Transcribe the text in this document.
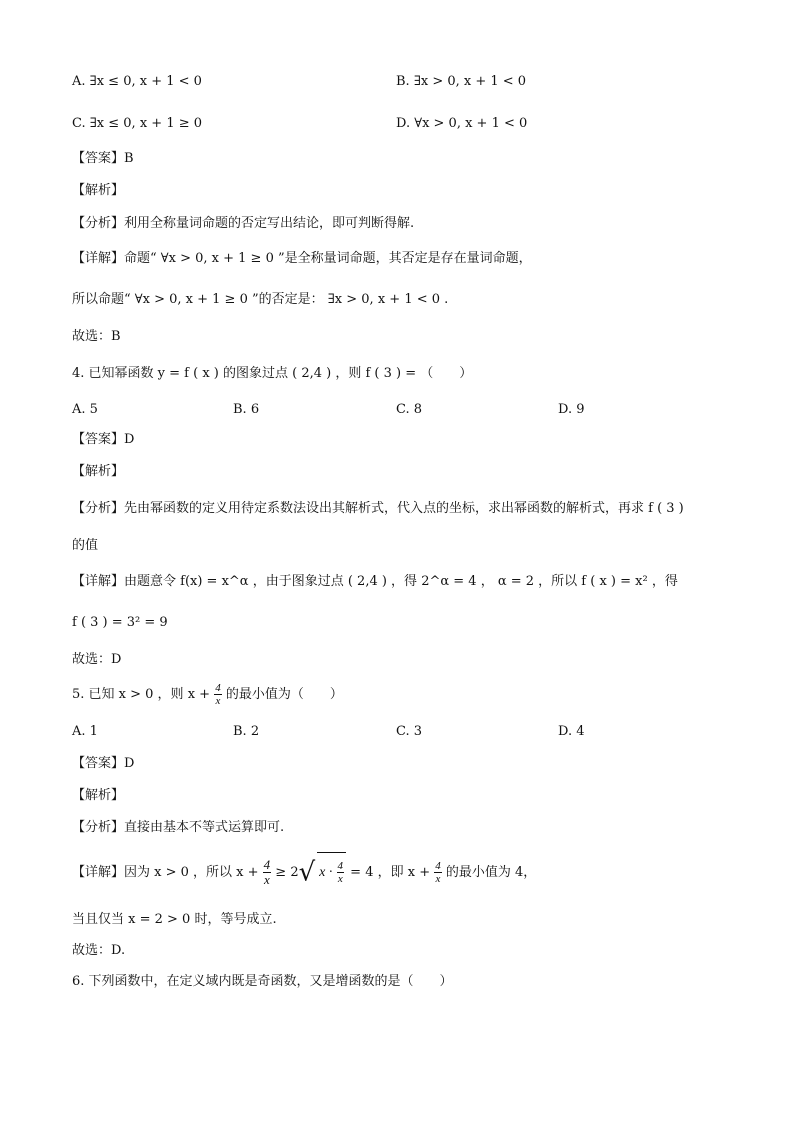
A. ∃x ≤ 0, x + 1 < 0	B. ∃x > 0, x + 1 < 0
C. ∃x ≤ 0, x + 1 ≥ 0	D. ∀x > 0, x + 1 < 0
【答案】B
【解析】
【分析】利用全称量词命题的否定写出结论，即可判断得解.
【详解】命题“ ∀x > 0, x + 1 ≥ 0 ”是全称量词命题，其否定是存在量词命题，
所以命题“ ∀x > 0, x + 1 ≥ 0 ”的否定是： ∃x > 0, x + 1 < 0 .
故选：B
4. 已知幂函数 y = f ( x ) 的图象过点 ( 2,4 ) ，则 f ( 3 ) = （　　）
A. 5	B. 6	C. 8	D. 9
【答案】D
【解析】
【分析】先由幂函数的定义用待定系数法设出其解析式，代入点的坐标，求出幂函数的解析式，再求 f ( 3 )
的值
【详解】由题意令 f(x) = x^α ，由于图象过点 ( 2,4 ) ，得 2^α = 4 ， α = 2 ，所以 f ( x ) = x² ，得
f ( 3 ) = 3² = 9
故选：D
5. 已知 x > 0 ，则 $x + \frac{4}{x}$ 的最小值为（　　）
A. 1	B. 2	C. 3	D. 4
【答案】D
【解析】
【分析】直接由基本不等式运算即可.
【详解】因为 x > 0 ，所以 $x + \frac{4}{x} \ge 2√$ $x \cdot \frac{4}{x} = 4$ ，即 $x + \frac{4}{x}$ 的最小值为 4，
当且仅当 x = 2 > 0 时，等号成立.
故选：D.
6. 下列函数中，在定义域内既是奇函数，又是增函数的是（　　）
